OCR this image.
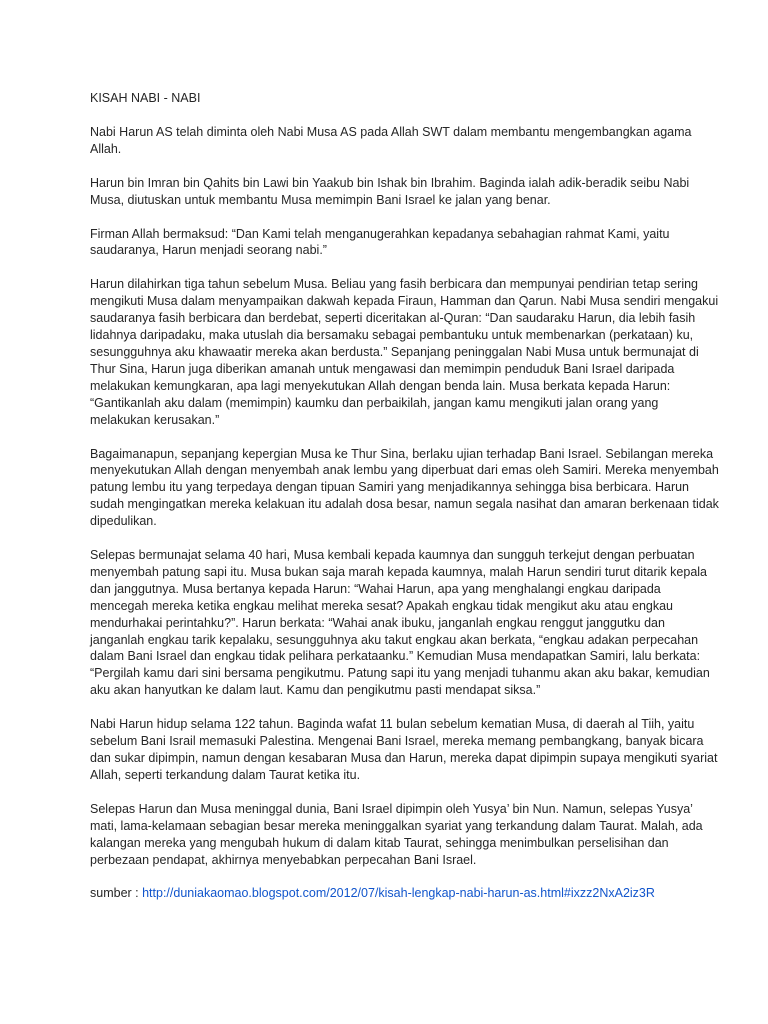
KISAH NABI - NABI

Nabi Harun AS telah diminta oleh Nabi Musa AS pada Allah SWT dalam membantu mengembangkan agama Allah.

Harun bin Imran bin Qahits bin Lawi bin Yaakub bin Ishak bin Ibrahim. Baginda ialah adik-beradik seibu Nabi Musa, diutuskan untuk membantu Musa memimpin Bani Israel ke jalan yang benar.

Firman Allah bermaksud: “Dan Kami telah menganugerahkan kepadanya sebahagian rahmat Kami, yaitu saudaranya, Harun menjadi seorang nabi.”

Harun dilahirkan tiga tahun sebelum Musa. Beliau yang fasih berbicara dan mempunyai pendirian tetap sering mengikuti Musa dalam menyampaikan dakwah kepada Firaun, Hamman dan Qarun. Nabi Musa sendiri mengakui saudaranya fasih berbicara dan berdebat, seperti diceritakan al-Quran: “Dan saudaraku Harun, dia lebih fasih lidahnya daripadaku, maka utuslah dia bersamaku sebagai pembantuku untuk membenarkan (perkataan) ku, sesungguhnya aku khawaatir mereka akan berdusta.” Sepanjang peninggalan Nabi Musa untuk bermunajat di Thur Sina, Harun juga diberikan amanah untuk mengawasi dan memimpin penduduk Bani Israel daripada melakukan kemungkaran, apa lagi menyekutukan Allah dengan benda lain. Musa berkata kepada Harun: “Gantikanlah aku dalam (memimpin) kaumku dan perbaikilah, jangan kamu mengikuti jalan orang yang melakukan kerusakan.”

Bagaimanapun, sepanjang kepergian Musa ke Thur Sina, berlaku ujian terhadap Bani Israel. Sebilangan mereka menyekutukan Allah dengan menyembah anak lembu yang diperbuat dari emas oleh Samiri. Mereka menyembah patung lembu itu yang terpedaya dengan tipuan Samiri yang menjadikannya sehingga bisa berbicara. Harun sudah mengingatkan mereka kelakuan itu adalah dosa besar, namun segala nasihat dan amaran berkenaan tidak dipedulikan.

Selepas bermunajat selama 40 hari, Musa kembali kepada kaumnya dan sungguh terkejut dengan perbuatan menyembah patung sapi itu. Musa bukan saja marah kepada kaumnya, malah Harun sendiri turut ditarik kepala dan janggutnya. Musa bertanya kepada Harun: “Wahai Harun, apa yang menghalangi engkau daripada mencegah mereka ketika engkau melihat mereka sesat? Apakah engkau tidak mengikut aku atau engkau mendurhakai perintahku?”. Harun berkata: “Wahai anak ibuku, janganlah engkau renggut janggutku dan janganlah engkau tarik kepalaku, sesungguhnya aku takut engkau akan berkata, “engkau adakan perpecahan dalam Bani Israel dan engkau tidak pelihara perkataanku.” Kemudian Musa mendapatkan Samiri, lalu berkata: “Pergilah kamu dari sini bersama pengikutmu. Patung sapi itu yang menjadi tuhanmu akan aku bakar, kemudian aku akan hanyutkan ke dalam laut. Kamu dan pengikutmu pasti mendapat siksa.”

Nabi Harun hidup selama 122 tahun. Baginda wafat 11 bulan sebelum kematian Musa, di daerah al Tiih, yaitu sebelum Bani Israil memasuki Palestina. Mengenai Bani Israel, mereka memang pembangkang, banyak bicara dan sukar dipimpin, namun dengan kesabaran Musa dan Harun, mereka dapat dipimpin supaya mengikuti syariat Allah, seperti terkandung dalam Taurat ketika itu.

Selepas Harun dan Musa meninggal dunia, Bani Israel dipimpin oleh Yusya’ bin Nun. Namun, selepas Yusya’ mati, lama-kelamaan sebagian besar mereka meninggalkan syariat yang terkandung dalam Taurat. Malah, ada kalangan mereka yang mengubah hukum di dalam kitab Taurat, sehingga menimbulkan perselisihan dan perbezaan pendapat, akhirnya menyebabkan perpecahan Bani Israel.

sumber : http://duniakaomao.blogspot.com/2012/07/kisah-lengkap-nabi-harun-as.html#ixzz2NxA2iz3R
